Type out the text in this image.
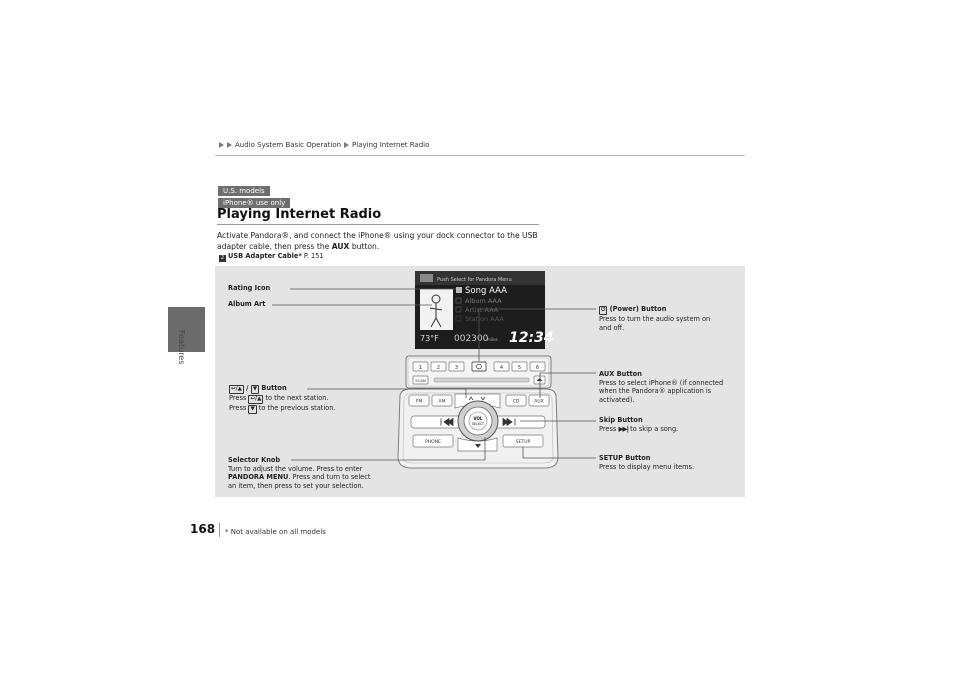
Features
Audio System Basic Operation Playing Internet Radio
U.S. models
iPhone® use only
Playing Internet Radio
Activate Pandora®, and connect the iPhone® using your dock connector to the USB
adapter cable, then press the AUX button.
2 USB Adapter Cable* P. 151
Push Select for Pandora Menu
Song AAA
Album AAA
Artist AAA
Station AAA
73°F 002300
miles 12:34
1	2	3	4	5	6
SCAN
FM	AM	CD	AUX
PHONE	SETUP
VOL
SELECT
Rating Icon
Album Art
⏻ (Power) Button
Press to turn the audio system on
and off.
↩/▲ / ▼ Button
Press ↩/▲ to the next station.
Press ▼ to the previous station.
AUX Button
Press to select iPhone® (if connected
when the Pandora® application is
activated).
Skip Button
Press ▶▶| to skip a song.
Selector Knob
Turn to adjust the volume. Press to enter
PANDORA MENU. Press and turn to select
an item, then press to set your selection.
SETUP Button
Press to display menu items.
168 * Not available on all models
